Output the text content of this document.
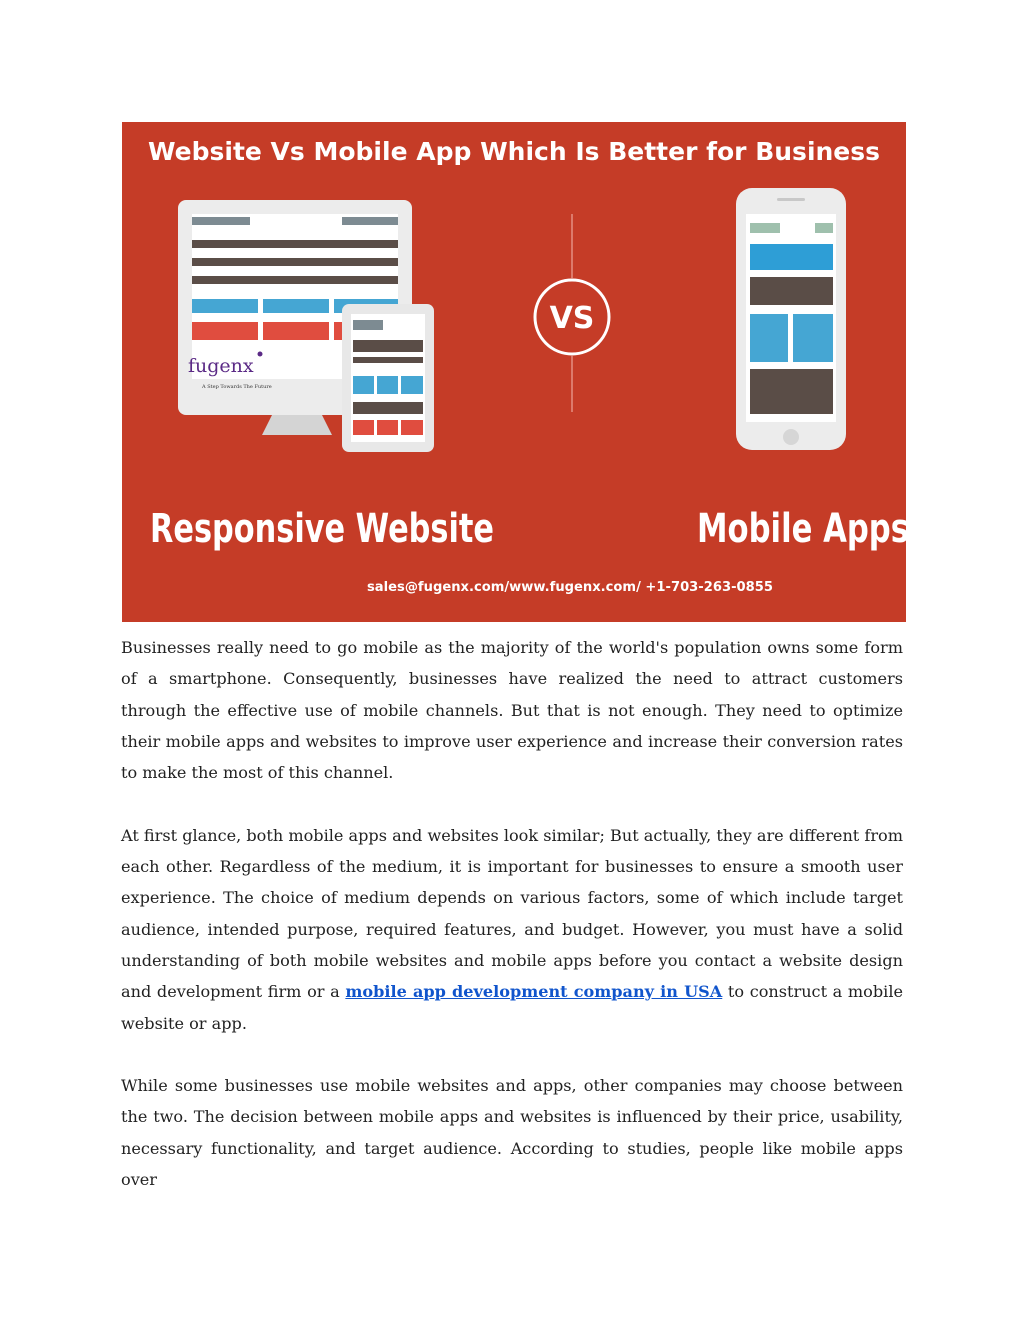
Website Vs Mobile App Which Is Better for Business
fugenx
A Step Towards The Future
VS
Responsive Website	Mobile Apps
sales@fugenx.com/www.fugenx.com/ +1-703-263-0855

Businesses really need to go mobile as the majority of the world's population owns some form of a smartphone. Consequently, businesses have realized the need to attract customers through the effective use of mobile channels. But that is not enough. They need to optimize their mobile apps and websites to improve user experience and increase their conversion rates to make the most of this channel.

At first glance, both mobile apps and websites look similar; But actually, they are different from each other. Regardless of the medium, it is important for businesses to ensure a smooth user experience. The choice of medium depends on various factors, some of which include target audience, intended purpose, required features, and budget. However, you must have a solid understanding of both mobile websites and mobile apps before you contact a website design and development firm or a mobile app development company in USA to construct a mobile website or app.

While some businesses use mobile websites and apps, other companies may choose between the two. The decision between mobile apps and websites is influenced by their price, usability, necessary functionality, and target audience. According to studies, people like mobile apps over
